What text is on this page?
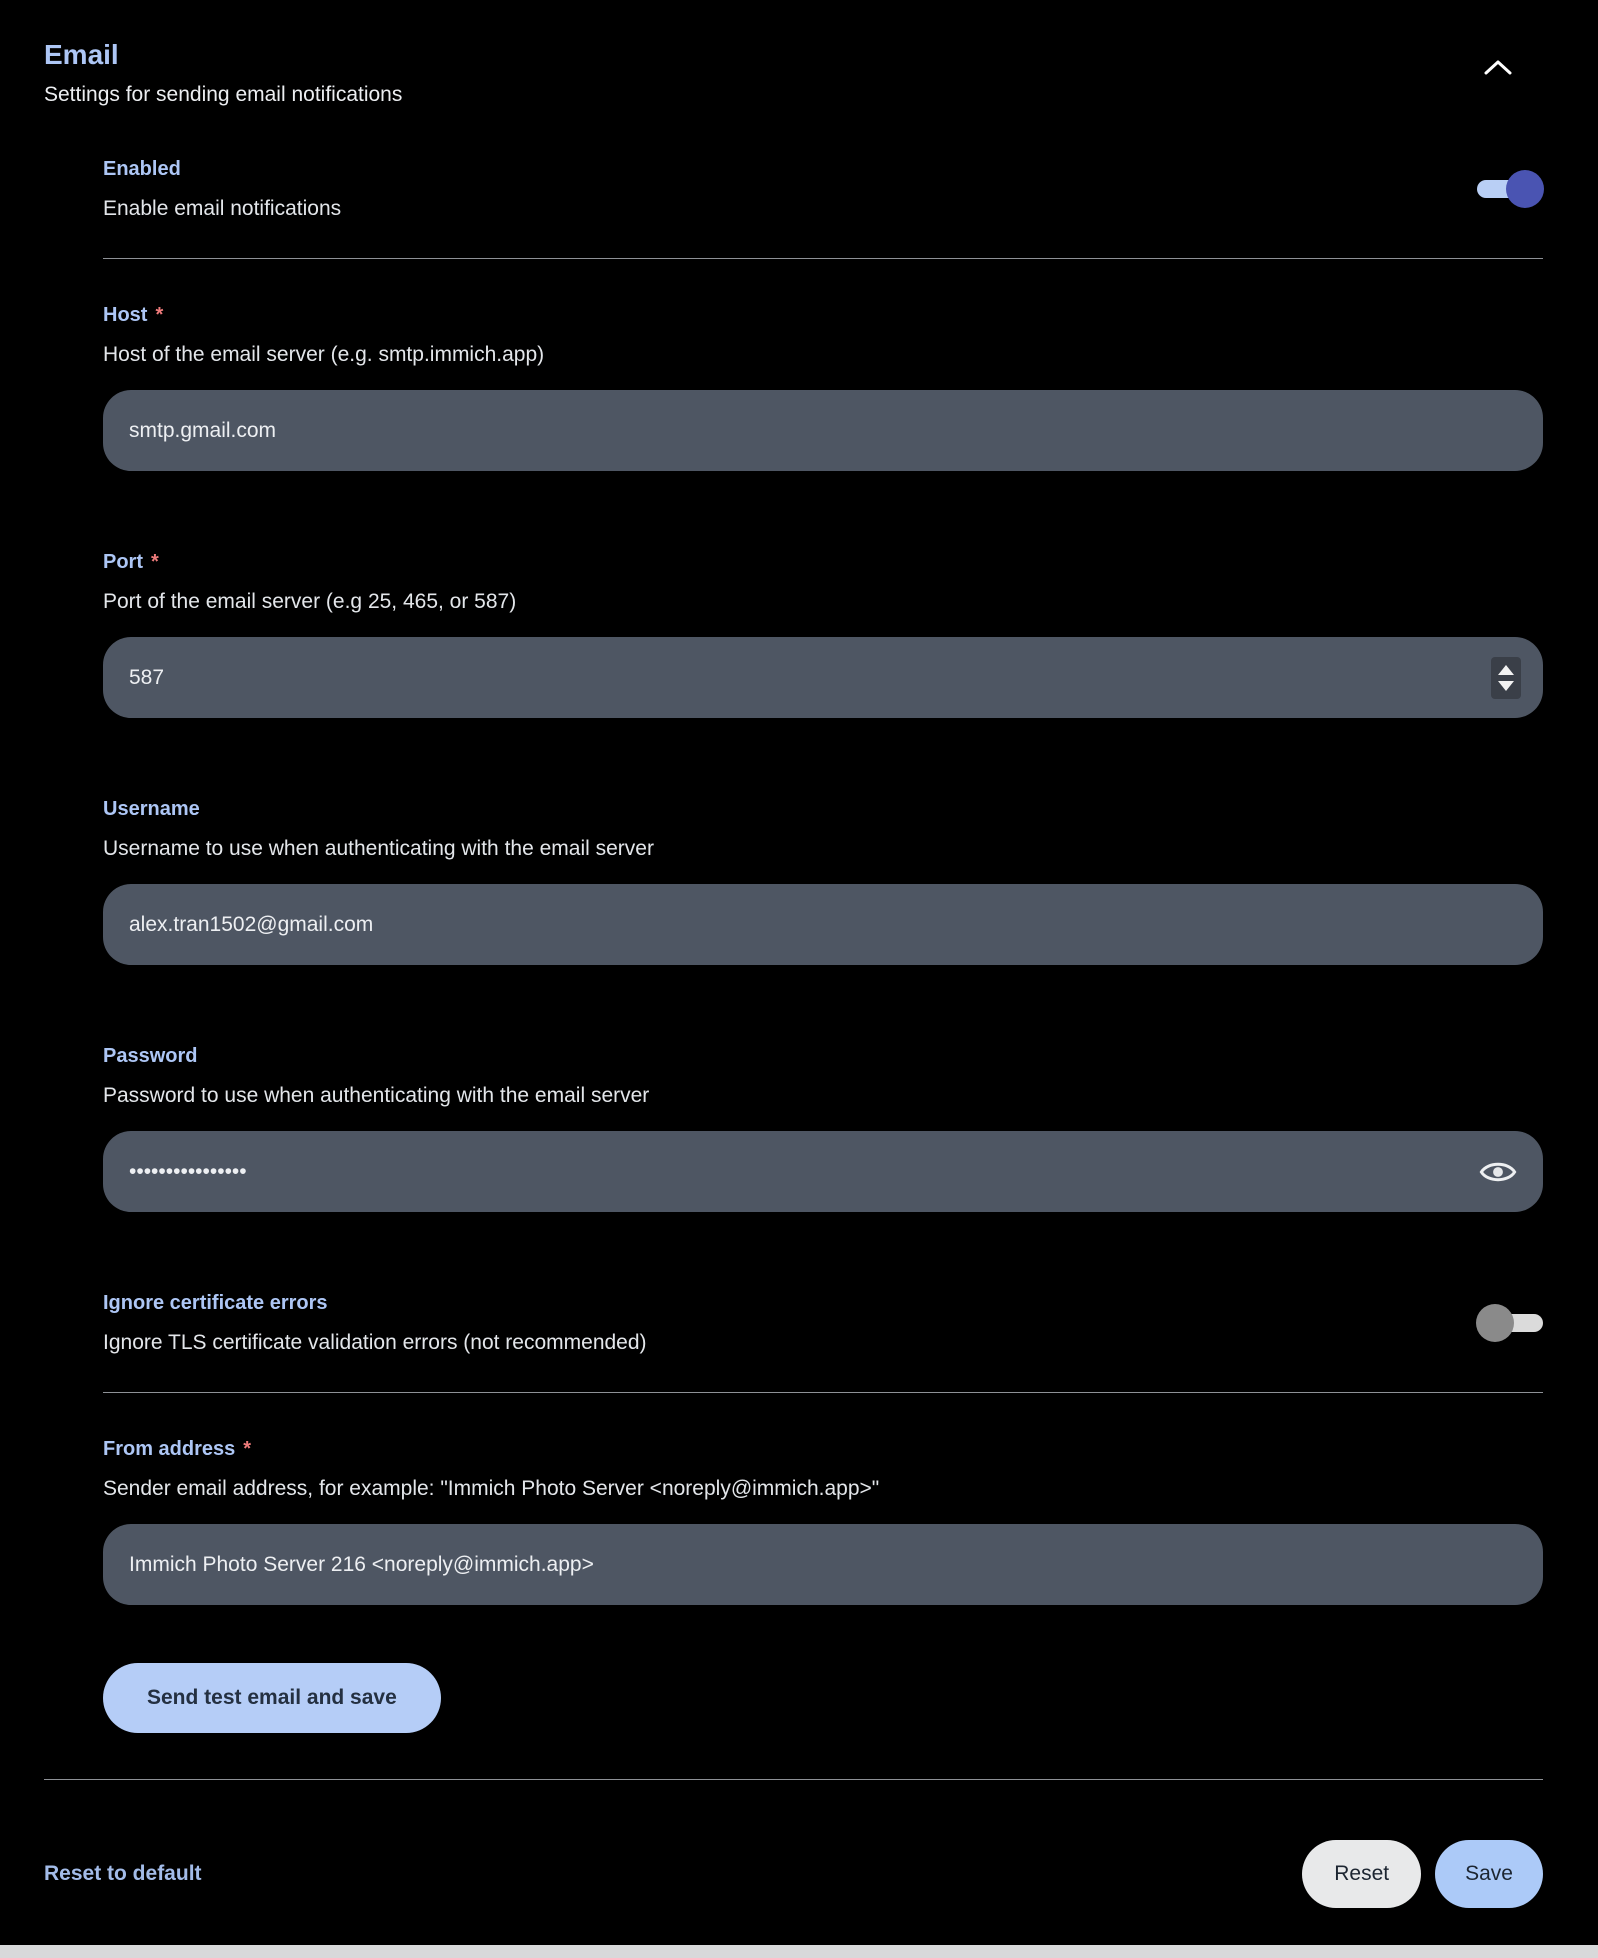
Email
Settings for sending email notifications
Enabled
Enable email notifications
Host *
Host of the email server (e.g. smtp.immich.app)
smtp.gmail.com
Port *
Port of the email server (e.g 25, 465, or 587)
587
Username
Username to use when authenticating with the email server
alex.tran1502@gmail.com
Password
Password to use when authenticating with the email server
••••••••••••••••
Ignore certificate errors
Ignore TLS certificate validation errors (not recommended)
From address *
Sender email address, for example: "Immich Photo Server <noreply@immich.app>"
Immich Photo Server 216 <noreply@immich.app>
Send test email and save
Reset to default	Reset	Save
